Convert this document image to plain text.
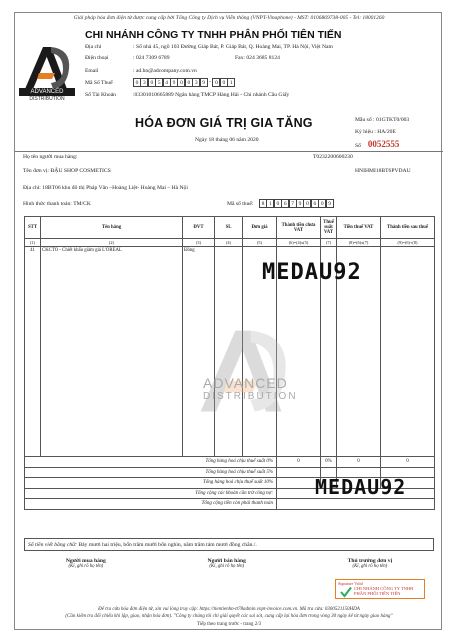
Giải pháp hóa đơn điện tử được cung cấp bởi Tổng Công ty Dịch vụ Viễn thông (VNPT-Vinaphone) - MST: 0106869738-005 - Tel: 18001260
ADVANCED
DISTRIBUTION
CHI NHÁNH CÔNG TY TNHH PHÂN PHỐI TIÊN TIẾN
Địa chỉ	: Số nhà 45, ngõ 103 Đường Giáp Bát, P. Giáp Bát, Q. Hoàng Mai, TP. Hà Nội, Việt Nam
Điện thoại	: 024 7309 6789	Fax: 024 3685 8124
Email	: ad.hn@adcompany.com.vn
Mã Số Thuế	0 3 0 5 4 9 0 0 3 9 - 0 0 1
Số Tài Khoản	:03301010665889 Ngân hàng TMCP Hàng Hải - Chi nhánh Cầu Giấy
HÓA ĐƠN GIÁ TRỊ GIA TĂNG
Ngày 18 tháng 06 năm 2020
Mẫu số : 01GTKT0/003
Ký hiệu : HA/20E
Số 0052555
Họ tên người mua hàng:	T0232200600230
Tên đơn vị: ĐẬU SHOP COSMETICS	HNIHMI18BT6PVDAU
Địa chỉ: 18BT06 khu đô thị Pháp Vân –Hoàng Liệt- Hoàng Mai – Hà Nội
Hình thức thanh toán: TM/CK	Mã số thuế:	8 1 0 6 7 9 0 6 0 9
STT	Tên hàng	ĐVT	SL	Đơn giá	Thành tiền chưa VAT	Thuế suất VAT	Tiền thuế VAT	Thành tiền sau thuế
(1)	(2)	(3)	(4)	(5)	(6)=(4)x(5)	(7)	(8)=(6)x(7)	(9)=(6)+(8)
41	CKCTO - Chiết khấu giảm giá L'OREAL	Đồng						
Tổng hàng hoá chịu thuế suất 0%					0	0%	0	0
Tổng hàng hoá chịu thuế suất 5%								
Tổng hàng hoá chịu thuế suất 10%								
Tổng cộng các khoản cần trừ công nợ:								
Tổng cộng tiền còn phải thanh toán								
ADVANCED
DISTRIBUTION
MEDAU92
MEDAU92
Số tiền viết bằng chữ: Bảy mươi hai triệu, bốn trăm mười bốn nghìn, năm trăm tám mươi đồng chẵn./.
Người mua hàng
(Kí, ghi rõ họ tên)
Người bán hàng
(Kí, ghi rõ họ tên)
Thủ trưởng đơn vị
(Kí, ghi rõ họ tên)
Signature Valid
CHI NHÁNH CÔNG TY TNHH PHÂN PHỐI TIÊN TIẾN
Để tra cứu hóa đơn điện tử, xin vui lòng truy cập: https://tientienhn-tt78admin.vnpt-invoice.com.vn. Mã tra cứu: 0300521150HDA
(Cần kiểm tra đối chiếu khi lập, giao, nhận hóa đơn). "Công ty chúng tôi chỉ giải quyết các sai sót, cung cấp lại hóa đơn trong vòng 30 ngày kể từ ngày giao hàng"
Tiếp theo trang trước - trang 2/3
